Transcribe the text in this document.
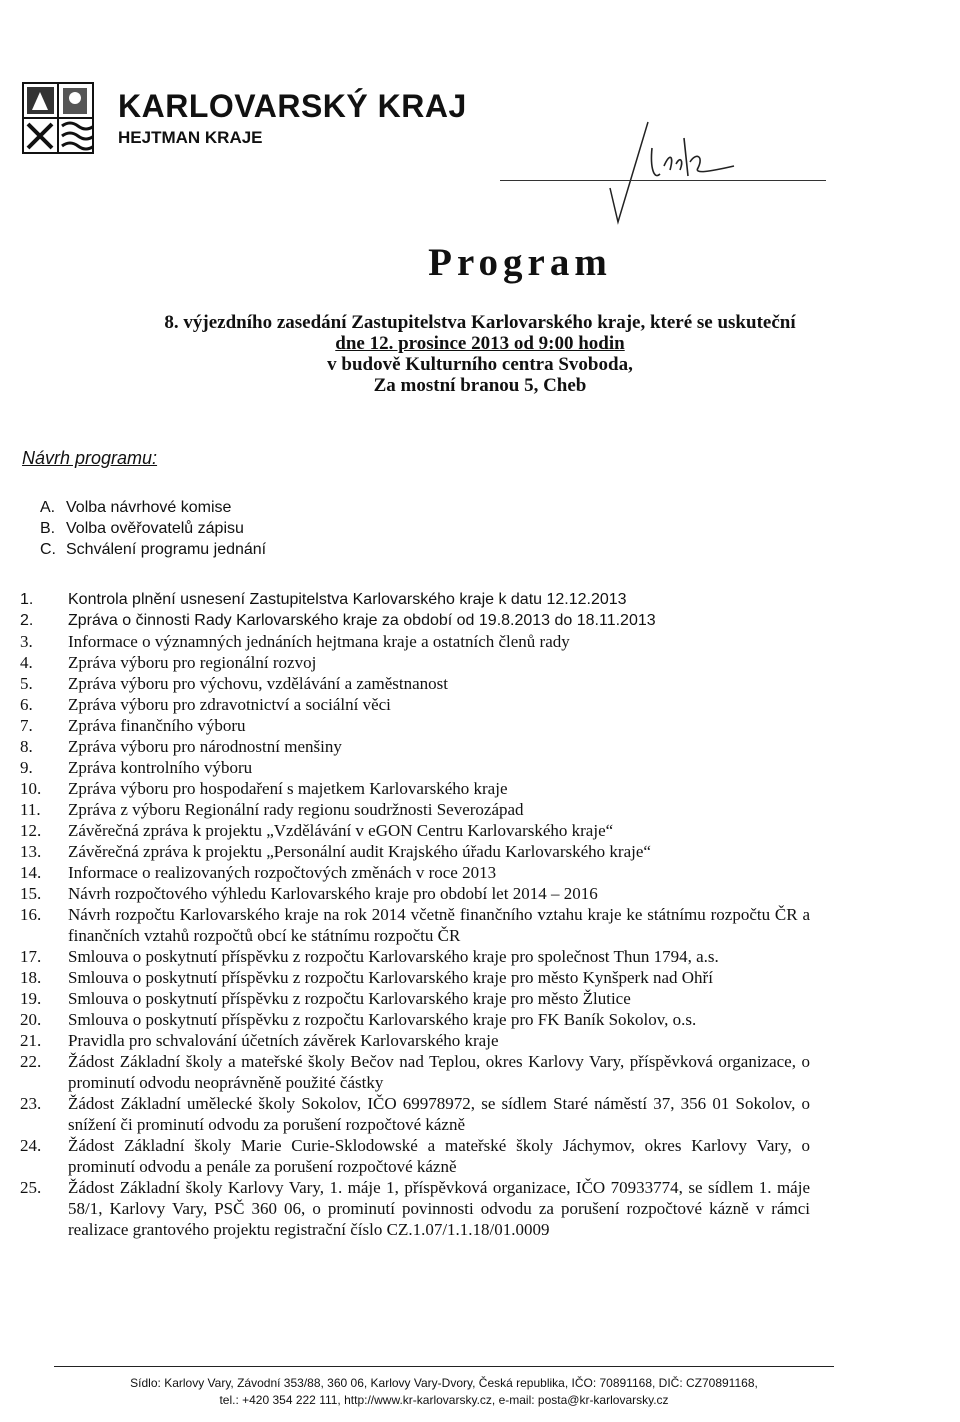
KARLOVARSKÝ KRAJ
HEJTMAN KRAJE
Program
8. výjezdního zasedání Zastupitelstva Karlovarského kraje, které se uskuteční
dne 12. prosince 2013 od 9:00 hodin
v budově Kulturního centra Svoboda,
Za mostní branou 5, Cheb
Návrh programu:
A. Volba návrhové komise
B. Volba ověřovatelů zápisu
C. Schválení programu jednání
1.	Kontrola plnění usnesení Zastupitelstva Karlovarského kraje k datu 12.12.2013
2.	Zpráva o činnosti Rady Karlovarského kraje za období od 19.8.2013 do 18.11.2013
3.	Informace o významných jednáních hejtmana kraje a ostatních členů rady
4.	Zpráva výboru pro regionální rozvoj
5.	Zpráva výboru pro výchovu, vzdělávání a zaměstnanost
6.	Zpráva výboru pro zdravotnictví a sociální věci
7.	Zpráva finančního výboru
8.	Zpráva výboru pro národnostní menšiny
9.	Zpráva kontrolního výboru
10.	Zpráva výboru pro hospodaření s majetkem Karlovarského kraje
11.	Zpráva z výboru Regionální rady regionu soudržnosti Severozápad
12.	Závěrečná zpráva k projektu „Vzdělávání v eGON Centru Karlovarského kraje“
13.	Závěrečná zpráva k projektu „Personální audit Krajského úřadu Karlovarského kraje“
14.	Informace o realizovaných rozpočtových změnách v roce 2013
15.	Návrh rozpočtového výhledu Karlovarského kraje pro období let 2014 – 2016
16.	Návrh rozpočtu Karlovarského kraje na rok 2014 včetně finančního vztahu kraje ke státnímu rozpočtu ČR a finančních vztahů rozpočtů obcí ke státnímu rozpočtu ČR
17.	Smlouva o poskytnutí příspěvku z rozpočtu Karlovarského kraje pro společnost Thun 1794, a.s.
18.	Smlouva o poskytnutí příspěvku z rozpočtu Karlovarského kraje pro město Kynšperk nad Ohří
19.	Smlouva o poskytnutí příspěvku z rozpočtu Karlovarského kraje pro město Žlutice
20.	Smlouva o poskytnutí příspěvku z rozpočtu Karlovarského kraje pro FK Baník Sokolov, o.s.
21.	Pravidla pro schvalování účetních závěrek Karlovarského kraje
22.	Žádost Základní školy a mateřské školy Bečov nad Teplou, okres Karlovy Vary, příspěvková organizace, o prominutí odvodu neoprávněně použité částky
23.	Žádost Základní umělecké školy Sokolov, IČO 69978972, se sídlem Staré náměstí 37, 356 01 Sokolov, o snížení či prominutí odvodu za porušení rozpočtové kázně
24.	Žádost Základní školy Marie Curie-Sklodowské a mateřské školy Jáchymov, okres Karlovy Vary, o prominutí odvodu a penále za porušení rozpočtové kázně
25.	Žádost Základní školy Karlovy Vary, 1. máje 1, příspěvková organizace, IČO 70933774, se sídlem 1. máje 58/1, Karlovy Vary, PSČ 360 06, o prominutí povinnosti odvodu za porušení rozpočtové kázně v rámci realizace grantového projektu registrační číslo CZ.1.07/1.1.18/01.0009
Sídlo: Karlovy Vary, Závodní 353/88, 360 06, Karlovy Vary-Dvory, Česká republika, IČO: 70891168, DIČ: CZ70891168,
tel.: +420 354 222 111, http://www.kr-karlovarsky.cz, e-mail: posta@kr-karlovarsky.cz
